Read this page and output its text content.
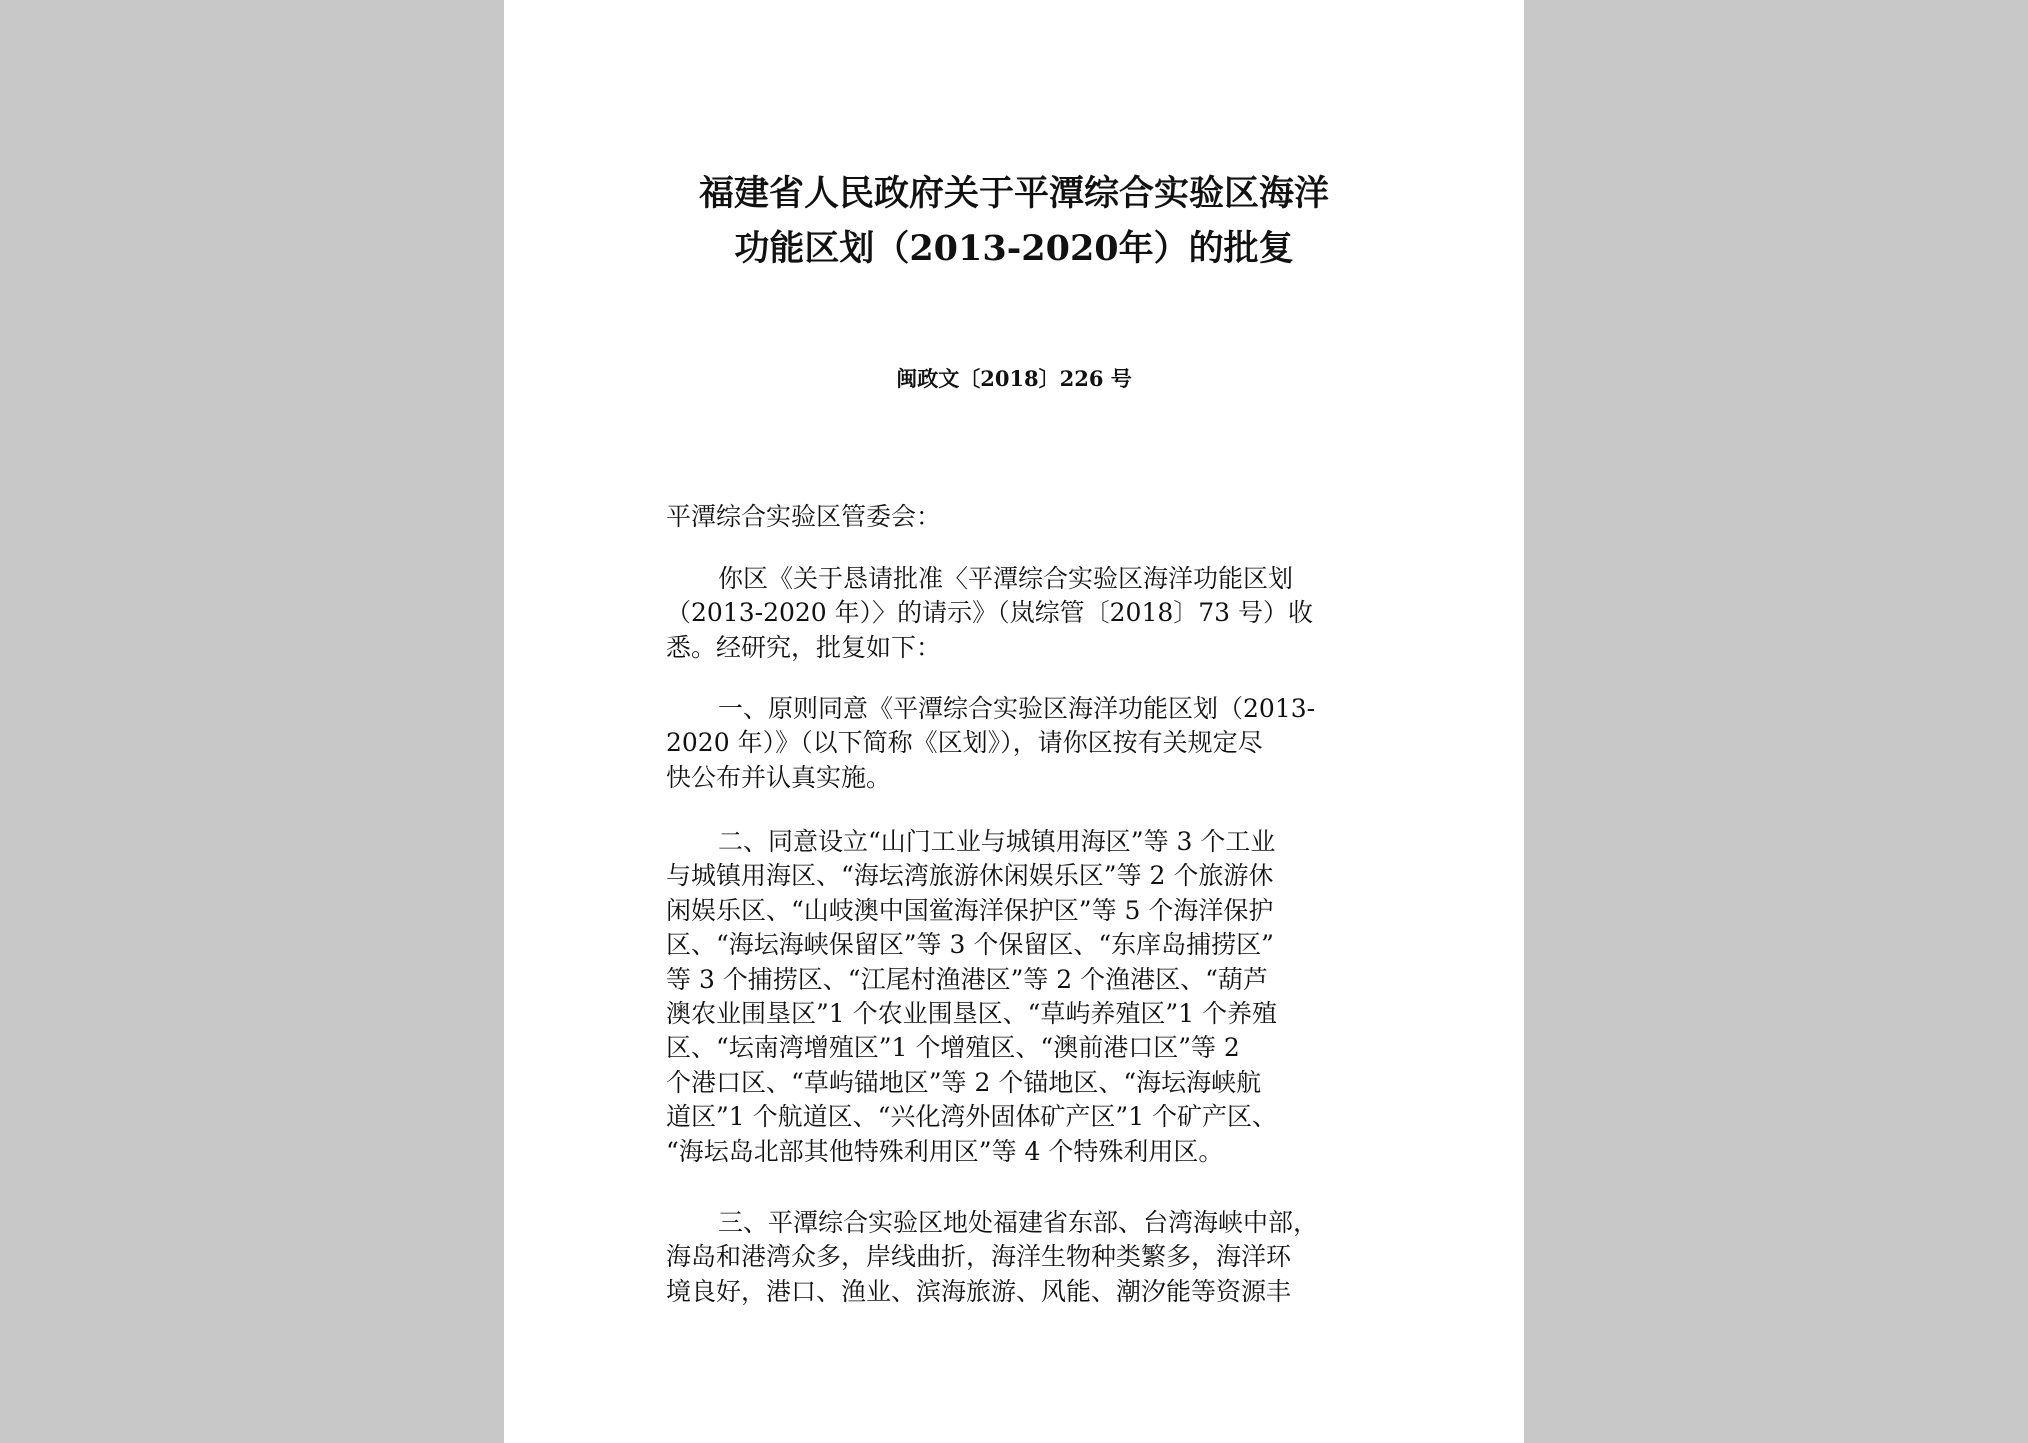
福建省人民政府关于平潭综合实验区海洋
功能区划（2013-2020年）的批复
闽政文〔2018〕226 号
平潭综合实验区管委会：
你区《关于恳请批准〈平潭综合实验区海洋功能区划
（2013-2020 年）〉的请示》（岚综管〔2018〕73 号）收
悉。经研究，批复如下：
一、原则同意《平潭综合实验区海洋功能区划（2013-
2020 年）》（以下简称《区划》），请你区按有关规定尽
快公布并认真实施。
二、同意设立“山门工业与城镇用海区”等 3 个工业
与城镇用海区、“海坛湾旅游休闲娱乐区”等 2 个旅游休
闲娱乐区、“山岐澳中国鲎海洋保护区”等 5 个海洋保护
区、“海坛海峡保留区”等 3 个保留区、“东庠岛捕捞区”
等 3 个捕捞区、“江尾村渔港区”等 2 个渔港区、“葫芦
澳农业围垦区”1 个农业围垦区、“草屿养殖区”1 个养殖
区、“坛南湾增殖区”1 个增殖区、“澳前港口区”等 2
个港口区、“草屿锚地区”等 2 个锚地区、“海坛海峡航
道区”1 个航道区、“兴化湾外固体矿产区”1 个矿产区、
“海坛岛北部其他特殊利用区”等 4 个特殊利用区。
三、平潭综合实验区地处福建省东部、台湾海峡中部，
海岛和港湾众多，岸线曲折，海洋生物种类繁多，海洋环
境良好，港口、渔业、滨海旅游、风能、潮汐能等资源丰
